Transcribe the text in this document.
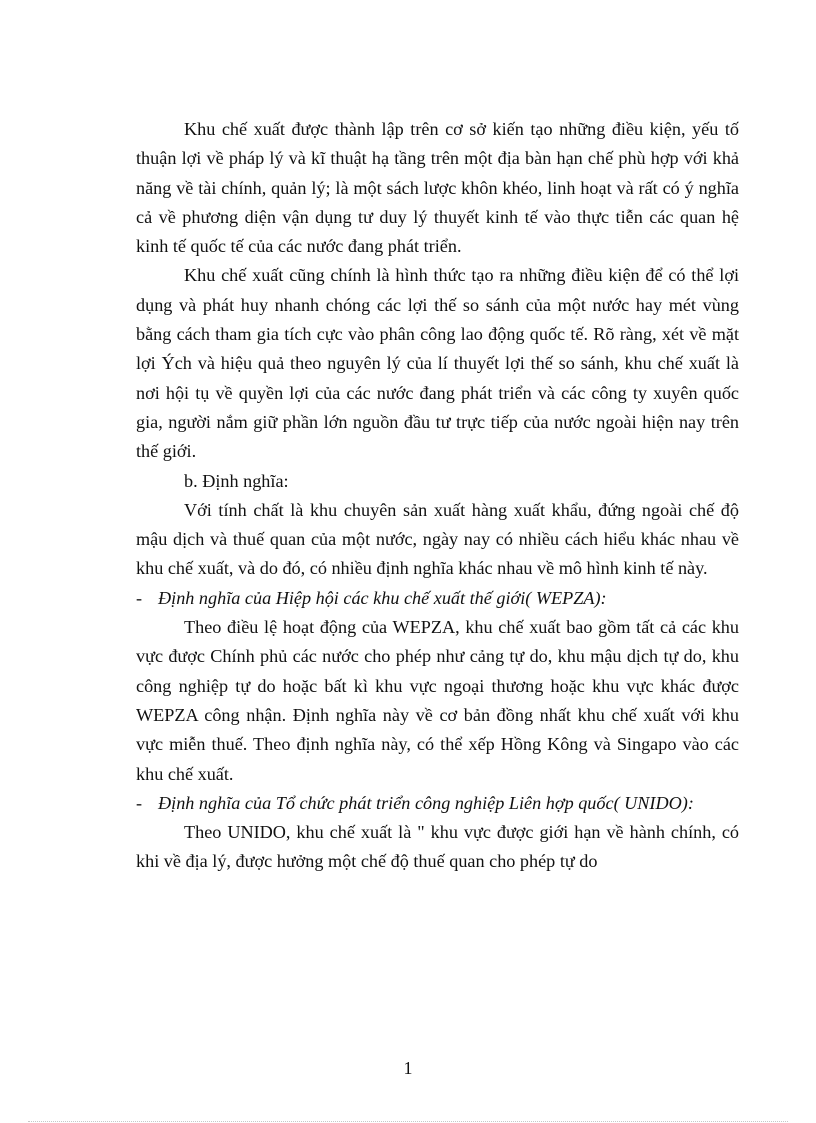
Khu chế xuất được thành lập trên cơ sở kiến tạo những điều kiện, yếu tố thuận lợi về pháp lý và kĩ thuật hạ tầng trên một địa bàn hạn chế phù hợp với khả năng về tài chính, quản lý; là một sách lược khôn khéo, linh hoạt và rất có ý nghĩa cả về phương diện vận dụng tư duy lý thuyết kinh tế vào thực tiễn các quan hệ kinh tế quốc tế của các nước đang phát triển.

Khu chế xuất cũng chính là hình thức tạo ra những điều kiện để có thể lợi dụng và phát huy nhanh chóng các lợi thế so sánh của một nước hay mét vùng bằng cách tham gia tích cực vào phân công lao động quốc tế. Rõ ràng, xét về mặt lợi Ých và hiệu quả theo nguyên lý của lí thuyết lợi thế so sánh, khu chế xuất là nơi hội tụ về quyền lợi của các nước đang phát triển và các công ty xuyên quốc gia, người nắm giữ phần lớn nguồn đầu tư trực tiếp của nước ngoài hiện nay trên thế giới.

b. Định nghĩa:

Với tính chất là khu chuyên sản xuất hàng xuất khẩu, đứng ngoài chế độ mậu dịch và thuế quan của một nước, ngày nay có nhiều cách hiểu khác nhau về khu chế xuất, và do đó, có nhiều định nghĩa khác nhau về mô hình kinh tế này.

- Định nghĩa của Hiệp hội các khu chế xuất thế giới( WEPZA):

Theo điều lệ hoạt động của WEPZA, khu chế xuất bao gồm tất cả các khu vực được Chính phủ các nước cho phép như cảng tự do, khu mậu dịch tự do, khu công nghiệp tự do hoặc bất kì khu vực ngoại thương hoặc khu vực khác được WEPZA công nhận. Định nghĩa này về cơ bản đồng nhất khu chế xuất với khu vực miễn thuế. Theo định nghĩa này, có thể xếp Hồng Kông và Singapo vào các khu chế xuất.

- Định nghĩa của Tổ chức phát triển công nghiệp Liên hợp quốc( UNIDO):

Theo UNIDO, khu chế xuất là " khu vực được giới hạn về hành chính, có khi về địa lý, được hưởng một chế độ thuế quan cho phép tự do

1
